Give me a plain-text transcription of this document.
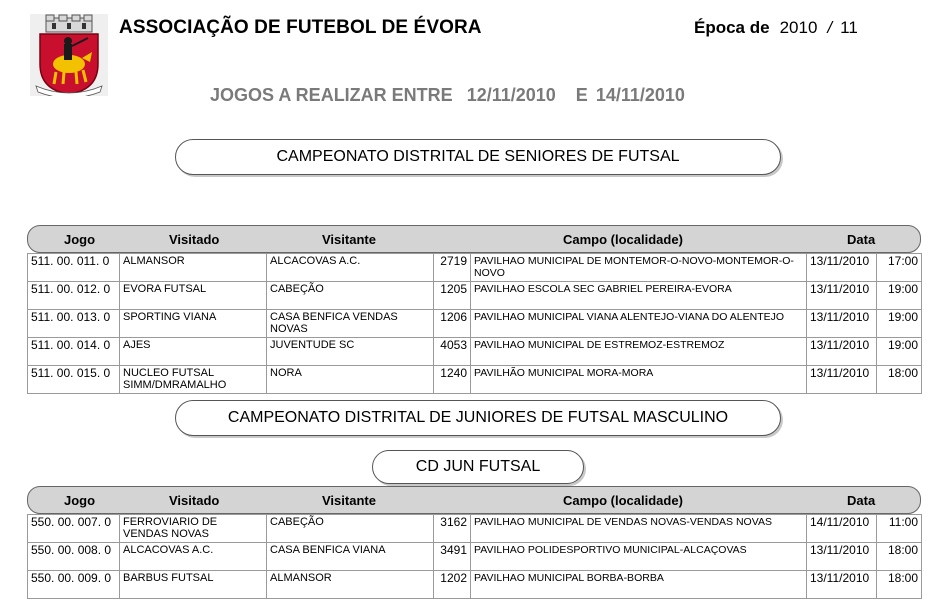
ASSOCIAÇÃO DE FUTEBOL DE ÉVORA	Época de 2010 / 11
JOGOS A REALIZAR ENTRE 12/11/2010 E 14/11/2010
CAMPEONATO DISTRITAL DE SENIORES DE FUTSAL
Jogo	Visitado	Visitante	Campo (localidade)	Data
511. 00. 011. 0	ALMANSOR	ALCACOVAS A.C.	2719	PAVILHAO MUNICIPAL DE MONTEMOR-O-NOVO-MONTEMOR-O-NOVO	13/11/2010	17:00
511. 00. 012. 0	EVORA FUTSAL	CABEÇÃO	1205	PAVILHAO ESCOLA SEC GABRIEL PEREIRA-EVORA	13/11/2010	19:00
511. 00. 013. 0	SPORTING VIANA	CASA BENFICA VENDAS NOVAS	1206	PAVILHAO MUNICIPAL VIANA ALENTEJO-VIANA DO ALENTEJO	13/11/2010	19:00
511. 00. 014. 0	AJES	JUVENTUDE SC	4053	PAVILHAO MUNICIPAL DE ESTREMOZ-ESTREMOZ	13/11/2010	19:00
511. 00. 015. 0	NUCLEO FUTSAL SIMM/DMRAMALHO	NORA	1240	PAVILHÃO MUNICIPAL MORA-MORA	13/11/2010	18:00
CAMPEONATO DISTRITAL DE JUNIORES DE FUTSAL MASCULINO
CD JUN FUTSAL
Jogo	Visitado	Visitante	Campo (localidade)	Data
550. 00. 007. 0	FERROVIARIO DE VENDAS NOVAS	CABEÇÃO	3162	PAVILHAO MUNICIPAL DE VENDAS NOVAS-VENDAS NOVAS	14/11/2010	11:00
550. 00. 008. 0	ALCACOVAS A.C.	CASA BENFICA VIANA	3491	PAVILHAO POLIDESPORTIVO MUNICIPAL-ALCAÇOVAS	13/11/2010	18:00
550. 00. 009. 0	BARBUS FUTSAL	ALMANSOR	1202	PAVILHAO MUNICIPAL BORBA-BORBA	13/11/2010	18:00
